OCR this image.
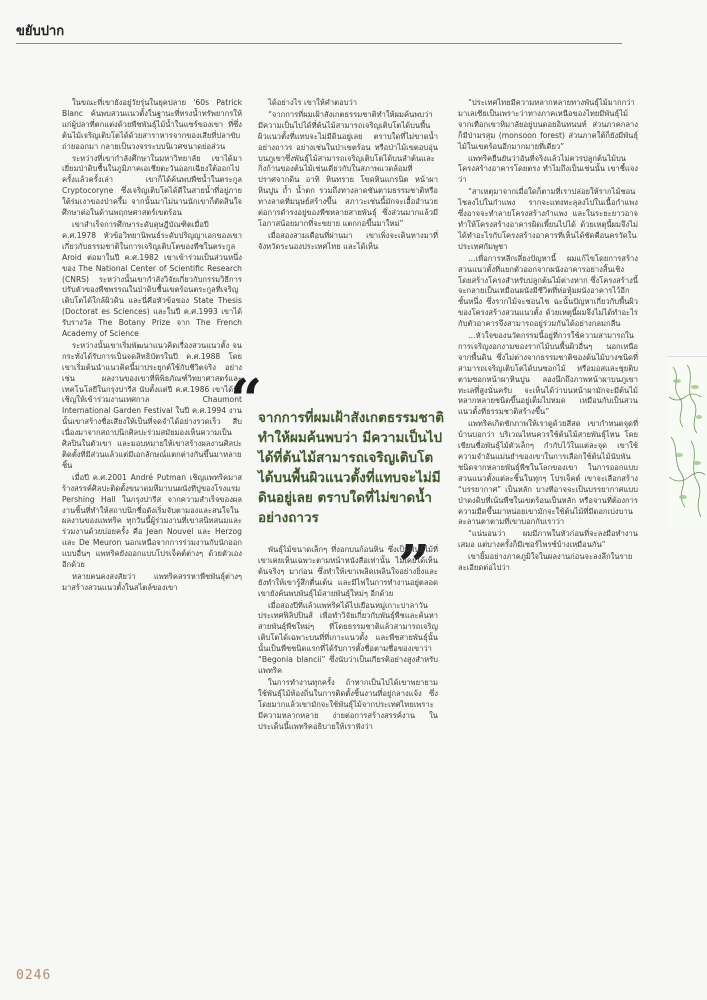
ขยับปาก

ในขณะที่เขายังอยู่วัยรุ่นในยุคปลาย '60s Patrick Blanc ค้นพบสวนแนวตั้งในฐานะที่ทรงน้ำทรัพยากรให้แก่ผู้ปลาที่ตกแต่งด้วยพืชพันธุ์ไม้น้ำในแซร์ของเขา ที่ซึ่งต้นไม้เจริญเติบโตได้ด้วยสาราหารจากของเสียที่ปลาขับถ่ายออกมา กลายเป็นวงจรระบบนิเวศขนาดย่อส่วน

ระหว่างที่เขากำลังศึกษาในมหาวิทยาลัย เขาได้มาเยี่ยมป่าดิบชื้นในภูมิภาคเอเชียตะวันออกเฉียงใต้ออกไปครั้งแล้วครั้งเล่า เขาก็ได้ค้นพบพืชน้ำในตระกูล Cryptocoryne ซึ่งเจริญเติบโตได้ดีในสายน้ำที่อยู่ภายใต้ร่มเงาของป่าครึ้ม จากนั้นมาไม่นานนักเขาก็ตัดสินใจศึกษาต่อในด้านพฤกษศาสตร์เขตร้อน

เขาสำเร็จการศึกษาระดับดุษฎีบัณฑิตเมื่อปี ค.ศ.1978 หัวข้อวิทยานิพนธ์ระดับปริญญาเอกของเขาเกี่ยวกับธรรมชาติในการเจริญเติบโตของพืชในตระกูล Aroid ต่อมาในปี ค.ศ.1982 เขาเข้าร่วมเป็นส่วนหนึ่งของ The National Center of Scientific Research (CNRS) ระหว่างนั้นเขากำลังวิจัยเกี่ยวกับกรรมวิธีการปรับตัวของพืชพรรณในป่าดิบชื้นเขตร้อนตระกูลที่เจริญเติบโตได้ใกล้ผิวดิน และนี่คือหัวข้อของ State Thesis (Doctorat es Sciences) และในปี ค.ศ.1993 เขาได้รับรางวัล The Botany Prize จาก The French Academy of Science

ระหว่างนั้นเขาเริ่มพัฒนาแนวคิดเรื่องสวนแนวตั้ง จนกระทั่งได้รับการเป็นจดสิทธิบัตรในปี ค.ศ.1988 โดยเขาเริ่มต้นนำแนวคิดนี้มาประยุกต์ใช้กับชีวิตจริง อย่างเช่น ผลงานของเขาที่พิพิธภัณฑ์วิทยาศาสตร์และเทคโนโลยีในกรุงปารีส นับตั้งแต่ปี ค.ศ.1986 เขาได้รับเชิญให้เข้าร่วมงานเทศกาล Chaumont International Garden Festival ในปี ค.ศ.1994 งานนั้นเขาสร้างชื่อเสียงให้เป็นที่จดจำได้อย่างรวดเร็ว สืบเนื่องมาจากสถาปนิกศิลปะร่วมสมัยมองเห็นความเป็นศิลปินในตัวเขา และมอบหมายให้เขาสร้างผลงานศิลปะติดตั้งที่มีส่วนแล้วแต่มีเอกลักษณ์แตกต่างกันขึ้นมาหลายชิ้น

เมื่อปี ค.ศ.2001 André Putman เชิญแพทริคมาสร้างสรรค์ศิลปะติดตั้งขนาดมหึมาบนผนังที่ปูของโรงแรม Pershing Hall ในกรุงปารีส จากความสำเร็จของผลงานชิ้นที่ทำให้สถาปนิกชื่อดังเริ่มจับตามองและสนใจในผลงานของแพทริค ทุกวันนี้ผู้ร่วมงานที่เขาสนิทสนมและร่วมงานด้วยบ่อยครั้ง คือ Jean Nouvel และ Herzog และ De Meuron นอกเหนือจากการร่วมงานกับนักออกแบบอื่นๆ แพทริคยังออกแบบโปรเจ็คต์ต่างๆ ด้วยตัวเองอีกด้วย

หลายคนคงสงสัยว่า แพทริคสรรหาพืชพันธุ์ต่างๆ มาสร้างสวนแนวตั้งในสไตล์ของเขา

ได้อย่างไร เขาให้คำตอบว่า

“จากการที่ผมเฝ้าสังเกตธรรมชาติทำให้ผมค้นพบว่า มีความเป็นไปได้ที่ต้นไม้สามารถเจริญเติบโตได้บนพื้นผิวแนวตั้งที่แทบจะไม่มีดินอยู่เลย ตราบใดที่ไม่ขาดน้ำอย่างถาวร อย่างเช่นในป่าเขตร้อน หรือป่าไม้เขตอบอุ่นบนภูเขาซึ่งพันธุ์ไม้สามารถเจริญเติบโตได้บนลำต้นและกิ่งก้านของต้นไม้เช่นเดียวกับในสภาพแวดล้อมที่ปราศจากดิน อาทิ หินทราย โขดหินแกรนิต หน้าผาหินปูน ถ้ำ น้ำตก รวมถึงทางลาดชันตามธรรมชาติหรือทางลาดที่มนุษย์สร้างขึ้น สภาวะเช่นนี้มักจะเอื้ออำนวยต่อการดำรงอยู่ของพืชหลายสายพันธุ์ ซึ่งส่วนมากแล้วมีโอกาสน้อยมากที่จะขยาย แตกกอขึ้นมาใหม่”

เมื่อสองสามเดือนที่ผ่านมา เขาเพิ่งจะเดินทางมาที่จังหวัดระนองประเทศไทย และได้เห็น

“
จากการที่ผมเฝ้าสังเกตธรรมชาติทำให้ผมค้นพบว่า มีความเป็นไปได้ที่ต้นไม้สามารถเจริญเติบโตได้บนพื้นผิวแนวตั้งที่แทบจะไม่มีดินอยู่เลย ตราบใดที่ไม่ขาดน้ำอย่างถาวร
”

พันธุ์ไม้ขนาดเล็กๆ ที่งอกบนก้อนหิน ซึ่งเป็นพันธุ์ไม้ที่เขาเคยเห็นเฉพาะตามหน้าหนังสือเท่านั้น ไม่เคยได้เห็นต้นจริงๆ มาก่อน ซึ่งทำให้เขาเพลิดเพลินใจอย่างยิ่งและยังทำให้เขารู้สึกตื่นเต้น และมีไฟในการทำงานอยู่ตลอด เขายังค้นพบพันธุ์ไม้สายพันธุ์ใหม่ๆ อีกด้วย

เมื่อสองปีที่แล้วแพทริคได้ไปเยือนหมู่เกาะปาลาวัน ประเทศฟิลิปปินส์ เพื่อทำวิจัยเกี่ยวกับพันธุ์พืชและค้นหาสายพันธุ์พืชใหม่ๆ ที่โดยธรรมชาติแล้วสามารถเจริญเติบโตได้เฉพาะบนที่ที่เกาะแนวตั้ง และพืชสายพันธุ์นั้นนั้นเป็นพืชชนิดแรกที่ได้รับการตั้งชื่อตามชื่อของเขาว่า “Begonia blancii” ซึ่งนับว่าเป็นเกียรติอย่างสูงสำหรับแพทริค

ในการทำงานทุกครั้ง ถ้าหากเป็นไปได้เขาพยายามใช้พันธุ์ไม้ท้องถิ่นในการติดตั้งชิ้นงานที่อยู่กลางแจ้ง ซึ่งโดยมากแล้วเขามักจะใช้พันธุ์ไม้จากประเทศไทยเพราะมีความหลากหลาย ง่ายต่อการสร้างสรรค์งาน ในประเด็นนี้แพทริคอธิบายให้เราฟังว่า

“ประเทศไทยมีความหลากหลายทางพันธุ์ไม้มากกว่ามาเลเซียเป็นเพราะว่าทางภาคเหนือของไทยมีพันธุ์ไม้จากเทือกเขาหิมาลัยอยู่บนดอยอินทนนท์ ส่วนภาคกลางก็มีป่ามรสุม (monsoon forest) ส่วนภาคใต้ก็ยังมีพันธุ์ไม้ในเขตร้อนอีกมากมายที่เดียว”

แพทริคยืนยันว่าอันที่จริงแล้วไม่ควรปลูกต้นไม้บนโครงสร้างอาคารโดยตรง ทำไมถึงเป็นเช่นนั้น เขาชี้แจงว่า

“สาเหตุมาจากเมื่อใดก็ตามที่เราปล่อยให้รากไม้ชอนไชลงไปในกำแพง รากจะแทงทะลุลงไปในเนื้อกำแพง ซึ่งอาจจะทำลายโครงสร้างกำแพง และในระยะยาวอาจทำให้โครงสร้างอาคารผิดเพี้ยนไปได้ ด้วยเหตุนี้ผมจึงไม่ได้ทำอะไรกับโครงสร้างอาคารที่เห็นได้ชัดคือนครวัดในประเทศกัมพูชา

…เพื่อการหลีกเลี่ยงปัญหานี้ ผมแก้ไขโดยการสร้างสวนแนวตั้งที่แยกตัวออกจากผนังอาคารอย่างสิ้นเชิง โดยสร้างโครงสำหรับปลูกต้นไม้ต่างหาก ซึ่งโครงสร้างนี้จะกลายเป็นเหมือนผนังมีชีวิตที่ห่อหุ้มผนังอาคารไว้อีกชั้นหนึ่ง ซึ่งรากไม้จะชอนไช ฉะนั้นปัญหาเกี่ยวกับพื้นผิวของโครงสร้างสวนแนวตั้ง ด้วยเหตุนี้ผมจึงไม่ได้ทำอะไรกับตัวอาคารจึงสามารถอยู่ร่วมกันได้อย่างกลมกลืน

…หัวใจของนวัตกรรมนี้อยู่ที่การใช้ความสามารถในการเจริญงอกงามของรากไม้บนพื้นผิวอื่นๆ นอกเหนือจากพื้นดิน ซึ่งไม่ต่างจากธรรมชาติของต้นไม้บางชนิดที่สามารถเจริญเติบโตได้บนซอกไม้ หรือมอสและชุยติบตามซอกหน้าผาหินปูน ลองนึกถึงภาพหน้าผาบนภูเขาทะเลที่สูงนั่นครับ จะเห็นได้ว่าบนหน้าผามักจะมีต้นไม้หลากหลายชนิดขึ้นอยู่เต็มไปหมด เหมือนกับเป็นสวนแนวตั้งที่ธรรมชาติสร้างขึ้น”

แพทริคเกิดชักภาพให้เราดูด้วยสีสด เขากำหนดจุดที่บ้านบอกว่า บริเวณไหนควรใช้ต้นไม้สายพันธุ์ไหน โดยเขียนชื่อพันธุ์ไม้ตัวเล็กๆ กำกับไว้ในแต่ละจุด เขาใช้ความจำอันแม่นยำของเขาในการเลือกใช้ต้นไม้นับพันชนิดจากหลายพันธุ์พืชในโลกของเขา ในการออกแบบสวนแนวตั้งแต่ละชิ้นในทุกๆ โปรเจ็คต์ เขาจะเลือกสร้าง “บรรยากาศ” เป็นหลัก บางทีอาจจะเป็นบรรยากาศแบบป่าดงดิบที่เน้นพืชในเขตร้อนเป็นหลัก หรือจานที่ต้องการความมืดขึ้นมาหน่อยเขามักจะใช้ต้นไม้ที่มีดอกเบ่งบานละลานตาตามที่เขาบอกกับเราว่า

“แน่นอนว่า ผมมีภาพในหัวก่อนที่จะลงมือทำงานเสมอ แต่บางครั้งก็มีเซอร์ไพรซ์บ้างเหมือนกัน”

เขายิ้มอย่างภาคภูมิใจในผลงานก่อนจะลงลึกในรายละเอียดต่อไปว่า

0246
